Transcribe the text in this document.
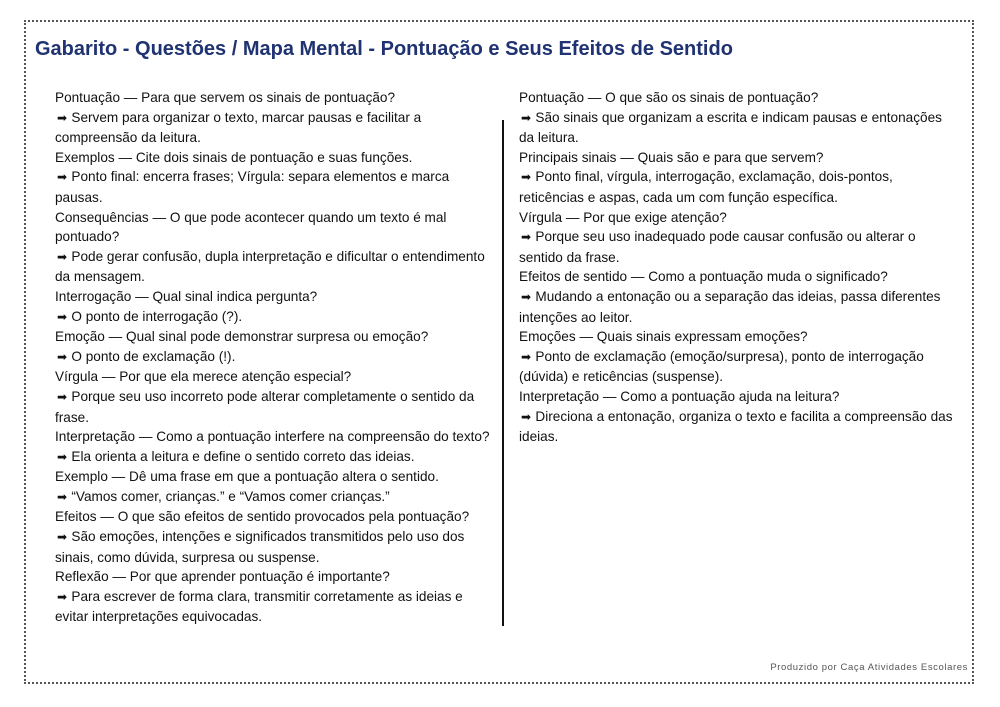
Gabarito - Questões / Mapa Mental - Pontuação e Seus Efeitos de Sentido
Pontuação — Para que servem os sinais de pontuação?
➡ Servem para organizar o texto, marcar pausas e facilitar a compreensão da leitura.
Exemplos — Cite dois sinais de pontuação e suas funções.
➡ Ponto final: encerra frases; Vírgula: separa elementos e marca pausas.
Consequências — O que pode acontecer quando um texto é mal pontuado?
➡ Pode gerar confusão, dupla interpretação e dificultar o entendimento da mensagem.
Interrogação — Qual sinal indica pergunta?
➡ O ponto de interrogação (?).
Emoção — Qual sinal pode demonstrar surpresa ou emoção?
➡ O ponto de exclamação (!).
Vírgula — Por que ela merece atenção especial?
➡ Porque seu uso incorreto pode alterar completamente o sentido da frase.
Interpretação — Como a pontuação interfere na compreensão do texto?
➡ Ela orienta a leitura e define o sentido correto das ideias.
Exemplo — Dê uma frase em que a pontuação altera o sentido.
➡ “Vamos comer, crianças.” e “Vamos comer crianças.”
Efeitos — O que são efeitos de sentido provocados pela pontuação?
➡ São emoções, intenções e significados transmitidos pelo uso dos sinais, como dúvida, surpresa ou suspense.
Reflexão — Por que aprender pontuação é importante?
➡ Para escrever de forma clara, transmitir corretamente as ideias e evitar interpretações equivocadas.
Pontuação — O que são os sinais de pontuação?
➡ São sinais que organizam a escrita e indicam pausas e entonações da leitura.
Principais sinais — Quais são e para que servem?
➡ Ponto final, vírgula, interrogação, exclamação, dois-pontos, reticências e aspas, cada um com função específica.
Vírgula — Por que exige atenção?
➡ Porque seu uso inadequado pode causar confusão ou alterar o sentido da frase.
Efeitos de sentido — Como a pontuação muda o significado?
➡ Mudando a entonação ou a separação das ideias, passa diferentes intenções ao leitor.
Emoções — Quais sinais expressam emoções?
➡ Ponto de exclamação (emoção/surpresa), ponto de interrogação (dúvida) e reticências (suspense).
Interpretação — Como a pontuação ajuda na leitura?
➡ Direciona a entonação, organiza o texto e facilita a compreensão das ideias.
Produzido por Caça Atividades Escolares
